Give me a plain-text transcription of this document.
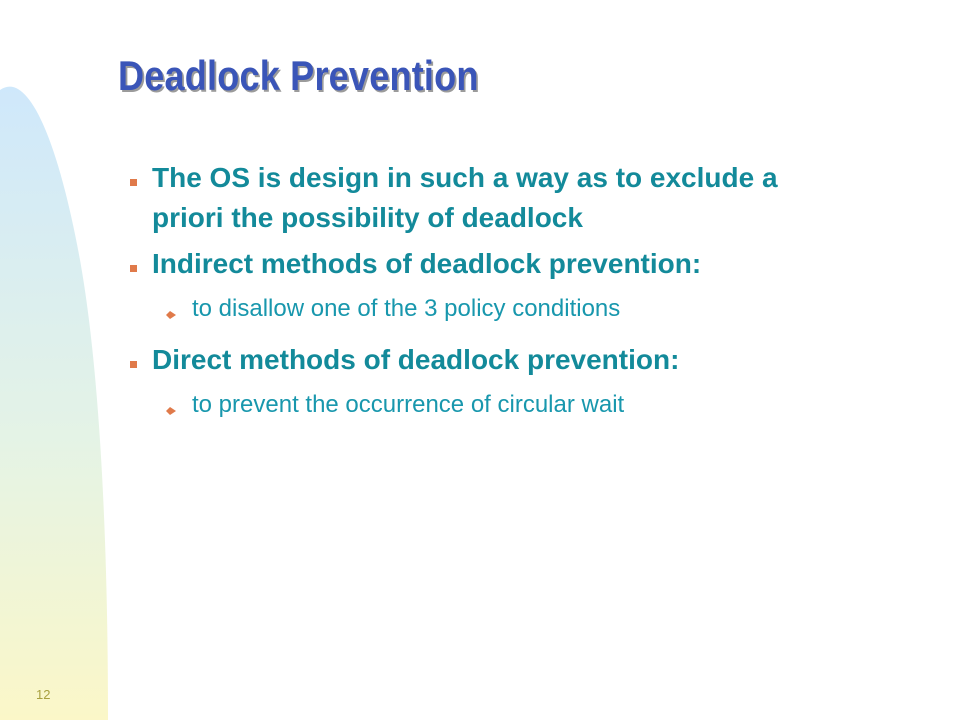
Deadlock Prevention
The OS is design in such a way as to exclude a priori the possibility of deadlock
Indirect methods of deadlock prevention:
to disallow one of the 3 policy conditions
Direct methods of deadlock prevention:
to prevent the occurrence of circular wait
12
